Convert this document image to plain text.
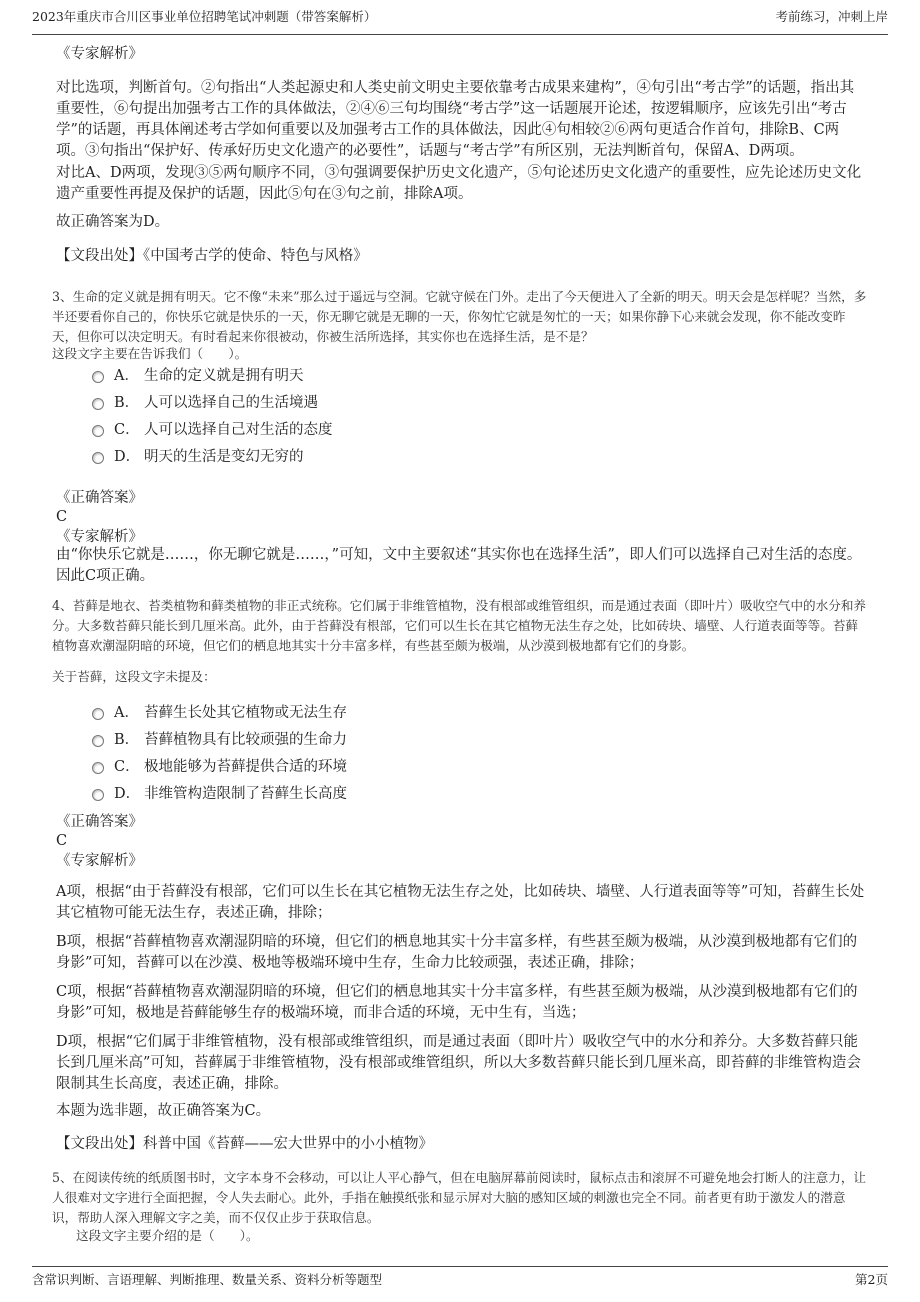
2023年重庆市合川区事业单位招聘笔试冲刺题（带答案解析）	考前练习，冲刺上岸

《专家解析》

对比选项，判断首句。②句指出“人类起源史和人类史前文明史主要依靠考古成果来建构”，④句引出“考古学”的话题，指出其重要性，⑥句提出加强考古工作的具体做法，②④⑥三句均围绕“考古学”这一话题展开论述，按逻辑顺序，应该先引出“考古学”的话题，再具体阐述考古学如何重要以及加强考古工作的具体做法，因此④句相较②⑥两句更适合作首句，排除B、C两项。③句指出“保护好、传承好历史文化遗产的必要性”，话题与“考古学”有所区别，无法判断首句，保留A、D两项。

对比A、D两项，发现③⑤两句顺序不同，③句强调要保护历史文化遗产，⑤句论述历史文化遗产的重要性，应先论述历史文化遗产重要性再提及保护的话题，因此⑤句在③句之前，排除A项。

故正确答案为D。

【文段出处】《中国考古学的使命、特色与风格》

3、生命的定义就是拥有明天。它不像“未来”那么过于遥远与空洞。它就守候在门外。走出了今天便进入了全新的明天。明天会是怎样呢？当然，多半还要看你自己的，你快乐它就是快乐的一天，你无聊它就是无聊的一天，你匆忙它就是匆忙的一天；如果你静下心来就会发现，你不能改变昨天，但你可以决定明天。有时看起来你很被动，你被生活所选择，其实你也在选择生活，是不是？

这段文字主要在告诉我们（　　）。

A． 生命的定义就是拥有明天
B． 人可以选择自己的生活境遇
C． 人可以选择自己对生活的态度
D． 明天的生活是变幻无穷的

《正确答案》

C

《专家解析》

由“你快乐它就是……，你无聊它就是……，”可知，文中主要叙述“其实你也在选择生活”，即人们可以选择自己对生活的态度。因此C项正确。

4、苔藓是地衣、苔类植物和藓类植物的非正式统称。它们属于非维管植物，没有根部或维管组织，而是通过表面（即叶片）吸收空气中的水分和养分。大多数苔藓只能长到几厘米高。此外，由于苔藓没有根部，它们可以生长在其它植物无法生存之处，比如砖块、墙壁、人行道表面等等。苔藓植物喜欢潮湿阴暗的环境，但它们的栖息地其实十分丰富多样，有些甚至颇为极端，从沙漠到极地都有它们的身影。

关于苔藓，这段文字未提及：

A． 苔藓生长处其它植物或无法生存
B． 苔藓植物具有比较顽强的生命力
C． 极地能够为苔藓提供合适的环境
D． 非维管构造限制了苔藓生长高度

《正确答案》

C

《专家解析》

A项，根据“由于苔藓没有根部，它们可以生长在其它植物无法生存之处，比如砖块、墙壁、人行道表面等等”可知，苔藓生长处其它植物可能无法生存，表述正确，排除；

B项，根据“苔藓植物喜欢潮湿阴暗的环境，但它们的栖息地其实十分丰富多样，有些甚至颇为极端，从沙漠到极地都有它们的身影”可知，苔藓可以在沙漠、极地等极端环境中生存，生命力比较顽强，表述正确，排除；

C项，根据“苔藓植物喜欢潮湿阴暗的环境，但它们的栖息地其实十分丰富多样，有些甚至颇为极端，从沙漠到极地都有它们的身影”可知，极地是苔藓能够生存的极端环境，而非合适的环境，无中生有，当选；

D项，根据“它们属于非维管植物，没有根部或维管组织，而是通过表面（即叶片）吸收空气中的水分和养分。大多数苔藓只能长到几厘米高”可知，苔藓属于非维管植物，没有根部或维管组织，所以大多数苔藓只能长到几厘米高，即苔藓的非维管构造会限制其生长高度，表述正确，排除。

本题为选非题，故正确答案为C。

【文段出处】科普中国《苔藓——宏大世界中的小小植物》

5、在阅读传统的纸质图书时，文字本身不会移动，可以让人平心静气，但在电脑屏幕前阅读时，鼠标点击和滚屏不可避免地会打断人的注意力，让人很难对文字进行全面把握，令人失去耐心。此外，手指在触摸纸张和显示屏对大脑的感知区域的刺激也完全不同。前者更有助于激发人的潜意识，帮助人深入理解文字之美，而不仅仅止步于获取信息。

这段文字主要介绍的是（　　）。

含常识判断、言语理解、判断推理、数量关系、资料分析等题型	第2页
